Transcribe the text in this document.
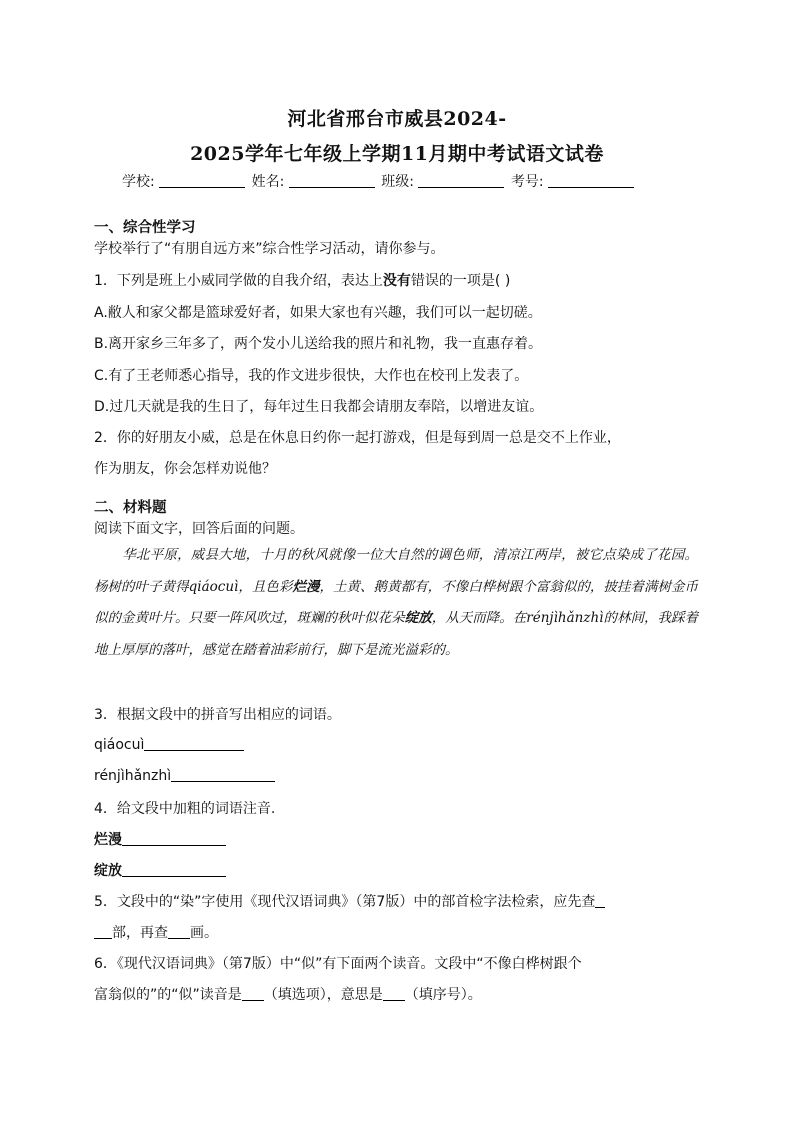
河北省邢台市威县2024-
2025学年七年级上学期11月期中考试语文试卷
学校:	姓名:	班级:	考号:
一、综合性学习
学校举行了“有朋自远方来”综合性学习活动，请你参与。
1．下列是班上小威同学做的自我介绍，表达上没有错误的一项是( )
A.敝人和家父都是篮球爱好者，如果大家也有兴趣，我们可以一起切磋。
B.离开家乡三年多了，两个发小儿送给我的照片和礼物，我一直惠存着。
C.有了王老师悉心指导，我的作文进步很快，大作也在校刊上发表了。
D.过几天就是我的生日了，每年过生日我都会请朋友奉陪，以增进友谊。
2．你的好朋友小威，总是在休息日约你一起打游戏，但是每到周一总是交不上作业，
作为朋友，你会怎样劝说他？
二、材料题
阅读下面文字，回答后面的问题。
华北平原，威县大地，十月的秋风就像一位大自然的调色师，清凉江两岸，被它点染成了花园。杨树的叶子黄得qiáocuì，且色彩烂漫，土黄、鹅黄都有，不像白桦树跟个富翁似的，披挂着满树金币似的金黄叶片。只要一阵风吹过，斑斓的秋叶似花朵绽放，从天而降。在rénjìhǎnzhì的林间，我踩着地上厚厚的落叶，感觉在踏着油彩前行，脚下是流光溢彩的。
3．根据文段中的拼音写出相应的词语。
qiáocuì
rénjìhǎnzhì
4．给文段中加粗的词语注音.
烂漫
绽放
5．文段中的“染”字使用《现代汉语词典》（第7版）中的部首检字法检索，应先查
部，再查 画。
6．《现代汉语词典》（第7版）中“似”有下面两个读音。文段中“不像白桦树跟个
富翁似的”的“似”读音是 （填选项），意思是 （填序号）。
